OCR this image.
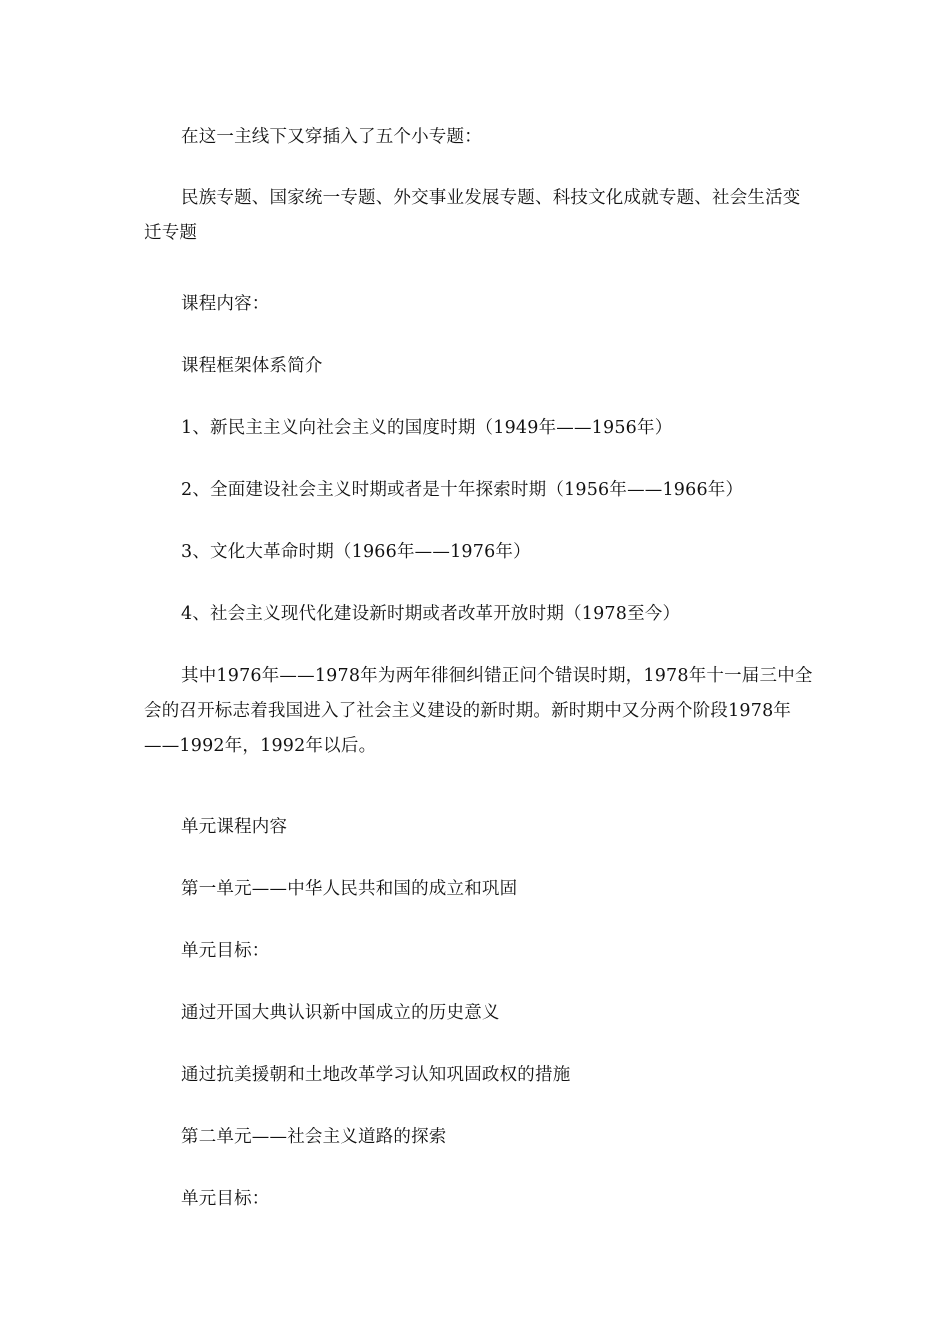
在这一主线下又穿插入了五个小专题：

民族专题、国家统一专题、外交事业发展专题、科技文化成就专题、社会生活变迁专题

课程内容：

课程框架体系简介

1、新民主主义向社会主义的国度时期（1949年——1956年）

2、全面建设社会主义时期或者是十年探索时期（1956年——1966年）

3、文化大革命时期（1966年——1976年）

4、社会主义现代化建设新时期或者改革开放时期（1978至今）

其中1976年——1978年为两年徘徊纠错正问个错误时期，1978年十一届三中全会的召开标志着我国进入了社会主义建设的新时期。新时期中又分两个阶段1978年——1992年，1992年以后。

单元课程内容

第一单元——中华人民共和国的成立和巩固

单元目标：

通过开国大典认识新中国成立的历史意义

通过抗美援朝和土地改革学习认知巩固政权的措施

第二单元——社会主义道路的探索

单元目标：
